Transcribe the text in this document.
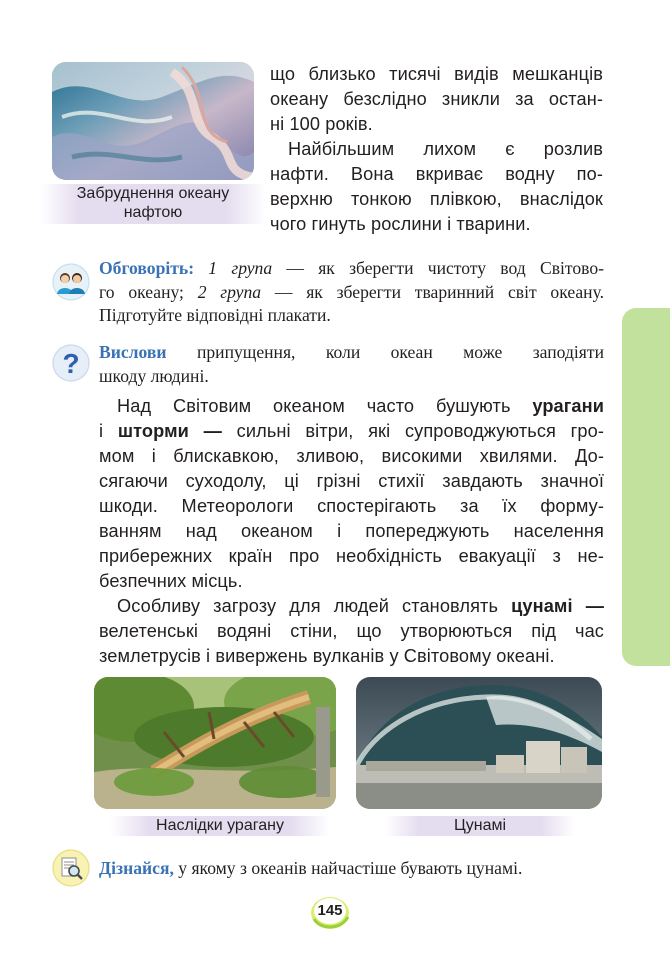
Забруднення океану
нафтою
що близько тисячі видів мешканців
океану безслідно зникли за остан-
ні 100 років.
Найбільшим лихом є розлив
нафти. Вона вкриває водну по-
верхню тонкою плівкою, внаслідок
чого гинуть рослини і тварини.
Обговоріть: 1 група — як зберегти чистоту вод Світово-
го океану; 2 група — як зберегти тваринний світ океану.
Підготуйте відповідні плакати.
? Вислови припущення, коли океан може заподіяти
шкоду людині.
Над Світовим океаном часто бушують урагани
і шторми — сильні вітри, які супроводжуються гро-
мом і блискавкою, зливою, високими хвилями. До-
сягаючи суходолу, ці грізні стихії завдають значної
шкоди. Метеорологи спостерігають за їх форму-
ванням над океаном і попереджують населення
прибережних країн про необхідність евакуації з не-
безпечних місць.
Особливу загрозу для людей становлять цунамі —
велетенські водяні стіни, що утворюються під час
землетрусів і вивержень вулканів у Світовому океані.
Наслідки урагану	Цунамі
Дізнайся, у якому з океанів найчастіше бувають цунамі.
145
